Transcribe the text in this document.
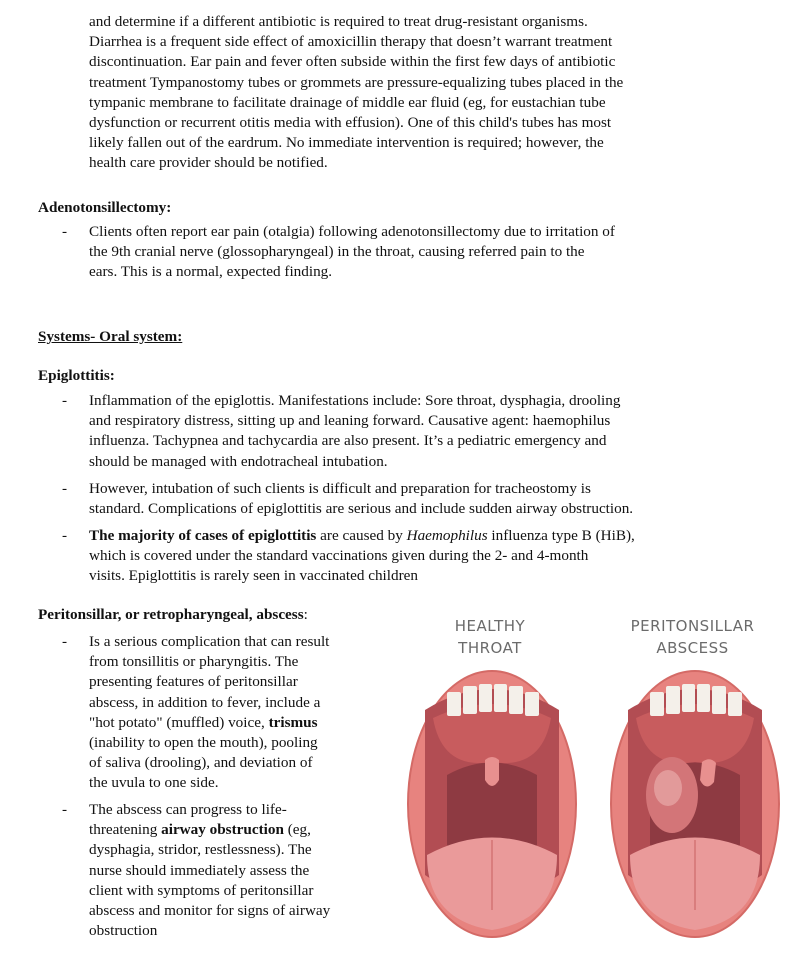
and determine if a different antibiotic is required to treat drug-resistant organisms.
Diarrhea is a frequent side effect of amoxicillin therapy that doesn’t warrant treatment
discontinuation. Ear pain and fever often subside within the first few days of antibiotic
treatment Tympanostomy tubes or grommets are pressure-equalizing tubes placed in the
tympanic membrane to facilitate drainage of middle ear fluid (eg, for eustachian tube
dysfunction or recurrent otitis media with effusion). One of this child's tubes has most
likely fallen out of the eardrum. No immediate intervention is required; however, the
health care provider should be notified.
Adenotonsillectomy:
-	Clients often report ear pain (otalgia) following adenotonsillectomy due to irritation of
the 9th cranial nerve (glossopharyngeal) in the throat, causing referred pain to the
ears. This is a normal, expected finding.
Systems- Oral system:
Epiglottitis:
-	Inflammation of the epiglottis. Manifestations include: Sore throat, dysphagia, drooling
and respiratory distress, sitting up and leaning forward. Causative agent: haemophilus
influenza. Tachypnea and tachycardia are also present. It’s a pediatric emergency and
should be managed with endotracheal intubation.
-	However, intubation of such clients is difficult and preparation for tracheostomy is
standard. Complications of epiglottitis are serious and include sudden airway obstruction.
-	The majority of cases of epiglottitis are caused by Haemophilus influenza type B (HiB),
which is covered under the standard vaccinations given during the 2- and 4-month
visits. Epiglottitis is rarely seen in vaccinated children
Peritonsillar, or retropharyngeal, abscess:
-	Is a serious complication that can result
from tonsillitis or pharyngitis. The
presenting features of peritonsillar
abscess, in addition to fever, include a
"hot potato" (muffled) voice, trismus
(inability to open the mouth), pooling
of saliva (drooling), and deviation of
the uvula to one side.
-	The abscess can progress to life-
threatening airway obstruction (eg,
dysphagia, stridor, restlessness). The
nurse should immediately assess the
client with symptoms of peritonsillar
abscess and monitor for signs of airway
obstruction
HEALTHY
THROAT
PERITONSILLAR
ABSCESS
